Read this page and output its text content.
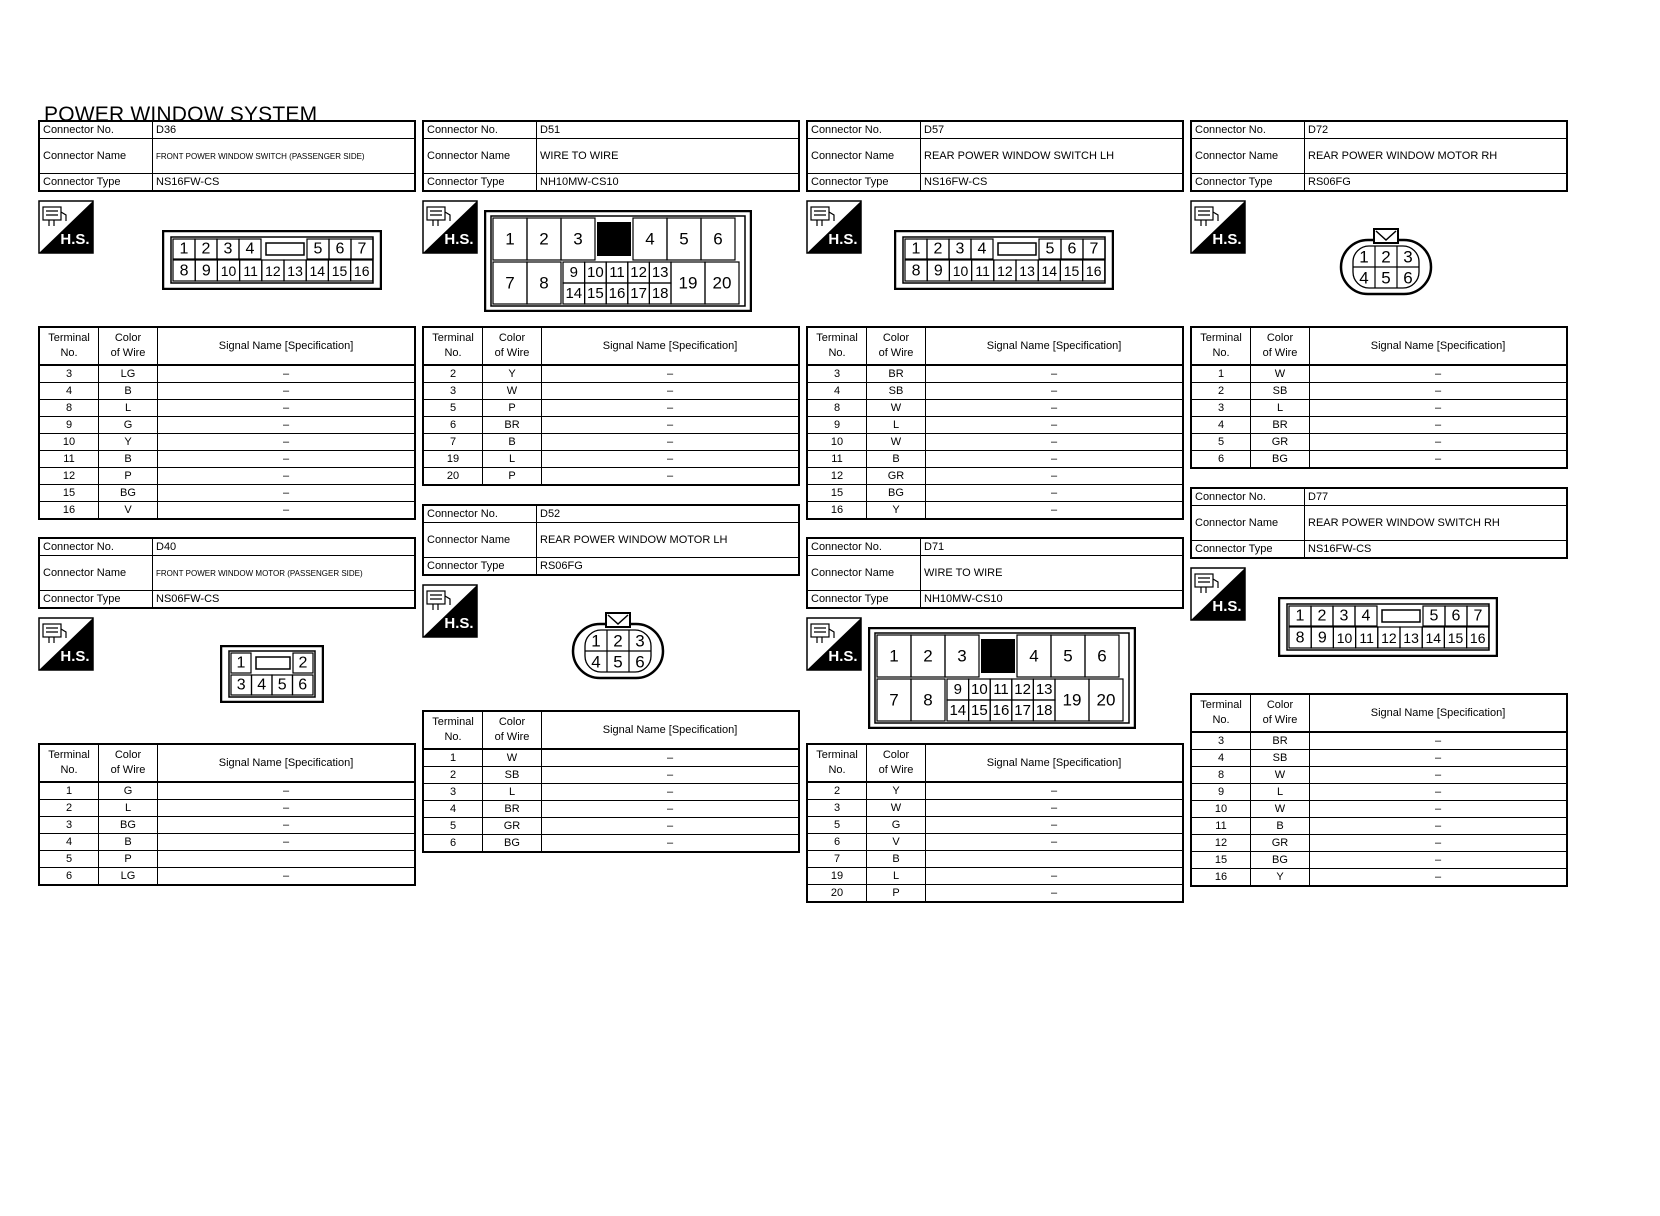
POWER WINDOW SYSTEM
Connector No.	D36
Connector Name	FRONT POWER WINDOW SWITCH (PASSENGER SIDE)
Connector Type	NS16FW-CS
H.S.
1 2 3 4	5 6 7
8 9 10 11 12 13 14 15 16
Terminal
No.	Color
of Wire	Signal Name [Specification]
3	LG	–
4	B	–
8	L	–
9	G	–
10	Y	–
11	B	–
12	P	–
15	BG	–
16	V	–
Connector No.	D40
Connector Name	FRONT POWER WINDOW MOTOR (PASSENGER SIDE)
Connector Type	NS06FW-CS
H.S.	1	2
3 4 5 6
Terminal
No.	Color
of Wire	Signal Name [Specification]
1	G	–
2	L	–
3	BG	–
4	B	–
5	P	
6	LG	–
Connector No.	D51
Connector Name	WIRE TO WIRE
Connector Type	NH10MW-CS10
H.S. 1 2 3	4 5 6
7 8
9 10 11 12 13
14 15 16 17 18
19 20
Terminal
No.	Color
of Wire	Signal Name [Specification]
2	Y	–
3	W	–
5	P	–
6	BR	–
7	B	–
19	L	–
20	P	–
Connector No.	D52
Connector Name	REAR POWER WINDOW MOTOR LH
Connector Type	RS06FG
H.S.
1 2 3
4 5 6
Terminal
No.	Color
of Wire	Signal Name [Specification]
1	W	–
2	SB	–
3	L	–
4	BR	–
5	GR	–
6	BG	–
Connector No.	D57
Connector Name	REAR POWER WINDOW SWITCH LH
Connector Type	NS16FW-CS
H.S.
1 2 3 4	5 6 7
8 9 10 11 12 13 14 15 16
Terminal
No.	Color
of Wire	Signal Name [Specification]
3	BR	–
4	SB	–
8	W	–
9	L	–
10	W	–
11	B	–
12	GR	–
15	BG	–
16	Y	–
Connector No.	D71
Connector Name	WIRE TO WIRE
Connector Type	NH10MW-CS10
H.S. 1 2 3	4 5 6
7 8
9 10 11 12 13
14 15 16 17 18
19 20
Terminal
No.	Color
of Wire	Signal Name [Specification]
2	Y	–
3	W	–
5	G	–
6	V	–
7	B	
19	L	–
20	P	–
Connector No.	D72
Connector Name	REAR POWER WINDOW MOTOR RH
Connector Type	RS06FG
H.S.
1 2 3
4 5 6
Terminal
No.	Color
of Wire	Signal Name [Specification]
1	W	–
2	SB	–
3	L	–
4	BR	–
5	GR	–
6	BG	–
Connector No.	D77
Connector Name	REAR POWER WINDOW SWITCH RH
Connector Type	NS16FW-CS
H.S.
1 2 3 4	5 6 7
8 9 10 11 12 13 14 15 16
Terminal
No.	Color
of Wire	Signal Name [Specification]
3	BR	–
4	SB	–
8	W	–
9	L	–
10	W	–
11	B	–
12	GR	–
15	BG	–
16	Y	–
